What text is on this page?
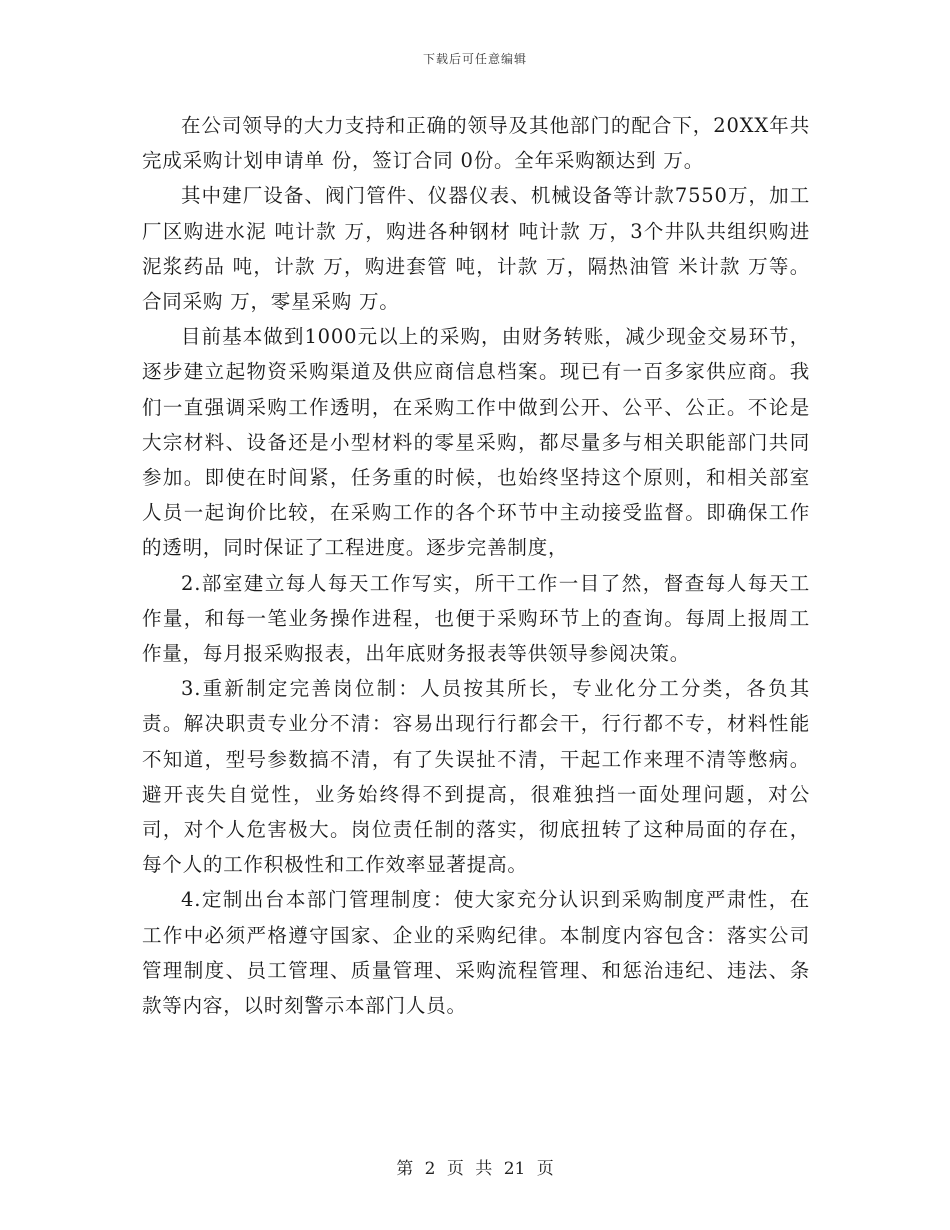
下载后可任意编辑

在公司领导的大力支持和正确的领导及其他部门的配合下，20XX年共完成采购计划申请单 份，签订合同 0份。全年采购额达到 万。

其中建厂设备、阀门管件、仪器仪表、机械设备等计款7550万，加工厂区购进水泥 吨计款 万，购进各种钢材 吨计款 万，3个井队共组织购进泥浆药品 吨，计款 万，购进套管 吨，计款 万，隔热油管 米计款 万等。合同采购 万，零星采购 万。

目前基本做到1000元以上的采购，由财务转账，减少现金交易环节，逐步建立起物资采购渠道及供应商信息档案。现已有一百多家供应商。我们一直强调采购工作透明，在采购工作中做到公开、公平、公正。不论是大宗材料、设备还是小型材料的零星采购，都尽量多与相关职能部门共同参加。即使在时间紧，任务重的时候，也始终坚持这个原则，和相关部室人员一起询价比较，在采购工作的各个环节中主动接受监督。即确保工作的透明，同时保证了工程进度。逐步完善制度，

2.部室建立每人每天工作写实，所干工作一目了然，督查每人每天工作量，和每一笔业务操作进程，也便于采购环节上的查询。每周上报周工作量，每月报采购报表，出年底财务报表等供领导参阅决策。

3.重新制定完善岗位制：人员按其所长，专业化分工分类，各负其责。解决职责专业分不清：容易出现行行都会干，行行都不专，材料性能不知道，型号参数搞不清，有了失误扯不清，干起工作来理不清等憋病。避开丧失自觉性，业务始终得不到提高，很难独挡一面处理问题，对公司，对个人危害极大。岗位责任制的落实，彻底扭转了这种局面的存在，每个人的工作积极性和工作效率显著提高。

4.定制出台本部门管理制度：使大家充分认识到采购制度严肃性，在工作中必须严格遵守国家、企业的采购纪律。本制度内容包含：落实公司管理制度、员工管理、质量管理、采购流程管理、和惩治违纪、违法、条款等内容，以时刻警示本部门人员。

第 2 页 共 21 页
